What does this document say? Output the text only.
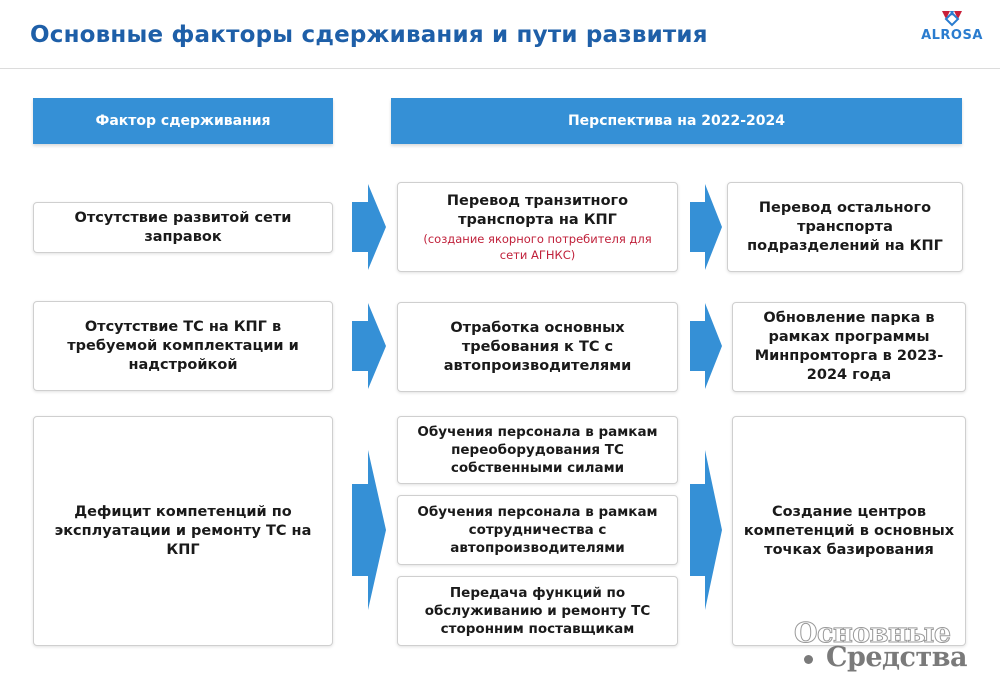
Основные факторы сдерживания и пути развития	ALROSA
Фактор сдерживания	Перспектива на 2022-2024
Отсутствие развитой сети заправок
Перевод транзитного транспорта на КПГ
(создание якорного потребителя для сети АГНКС)
Перевод остального транспорта подразделений на КПГ
Отсутствие ТС на КПГ в требуемой комплектации и надстройкой
Отработка основных требования к ТС с автопроизводителями
Обновление парка в рамках программы Минпромторга в 2023-2024 года
Дефицит компетенций по эксплуатации и ремонту ТС на КПГ
Обучения персонала в рамкам переоборудования ТС собственными силами
Обучения персонала в рамкам сотрудничества с автопроизводителями
Передача функций по обслуживанию и ремонту ТС сторонним поставщикам
Создание центров компетенций в основных точках базирования
Основные
Средства
